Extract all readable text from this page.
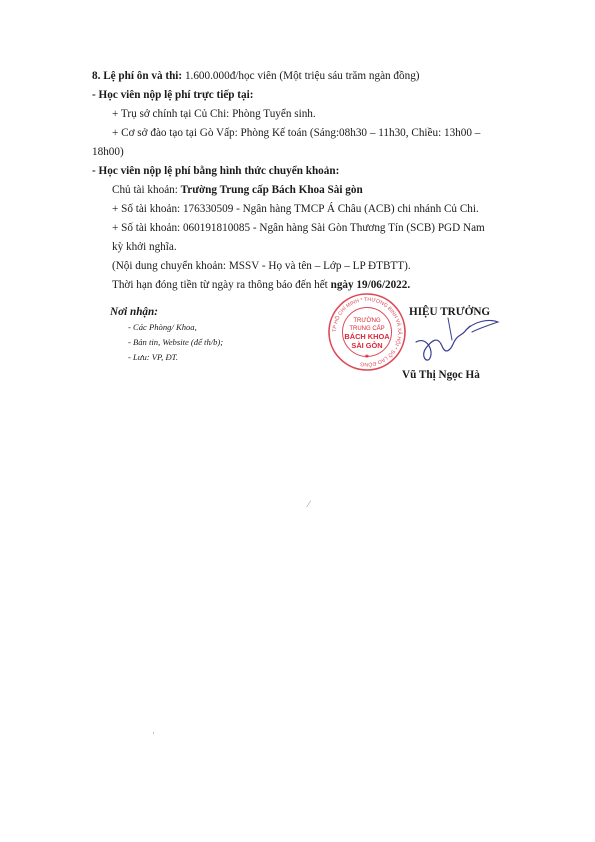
8. Lệ phí ôn và thi: 1.600.000đ/học viên (Một triệu sáu trăm ngàn đồng)
- Học viên nộp lệ phí trực tiếp tại:
+ Trụ sở chính tại Củ Chi: Phòng Tuyển sinh.
+ Cơ sở đào tạo tại Gò Vấp: Phòng Kế toán (Sáng:08h30 – 11h30, Chiều: 13h00 –
18h00)
- Học viên nộp lệ phí bằng hình thức chuyển khoản:
Chủ tài khoản: Trường Trung cấp Bách Khoa Sài gòn
+ Số tài khoản: 176330509 - Ngân hàng TMCP Á Châu (ACB) chi nhánh Củ Chi.
+ Số tài khoản: 060191810085 - Ngân hàng Sài Gòn Thương Tín (SCB) PGD Nam
kỳ khởi nghĩa.
(Nội dung chuyển khoản: MSSV - Họ và tên – Lớp – LP ĐTBTT).
Thời hạn đóng tiền từ ngày ra thông báo đến hết ngày 19/06/2022.
Nơi nhận:
- Các Phòng/ Khoa,
- Bản tin, Website (để th/b);
- Lưu: VP, ĐT.
HIỆU TRƯỞNG
Vũ Thị Ngọc Hà
TP HỒ CHÍ MINH * THƯƠNG BINH VÀ XÃ HỘI * SỞ LAO ĐỘNG
TRƯỜNG
TRUNG CẤP
BÁCH KHOA
SÀI GÒN
★
⁄
·
